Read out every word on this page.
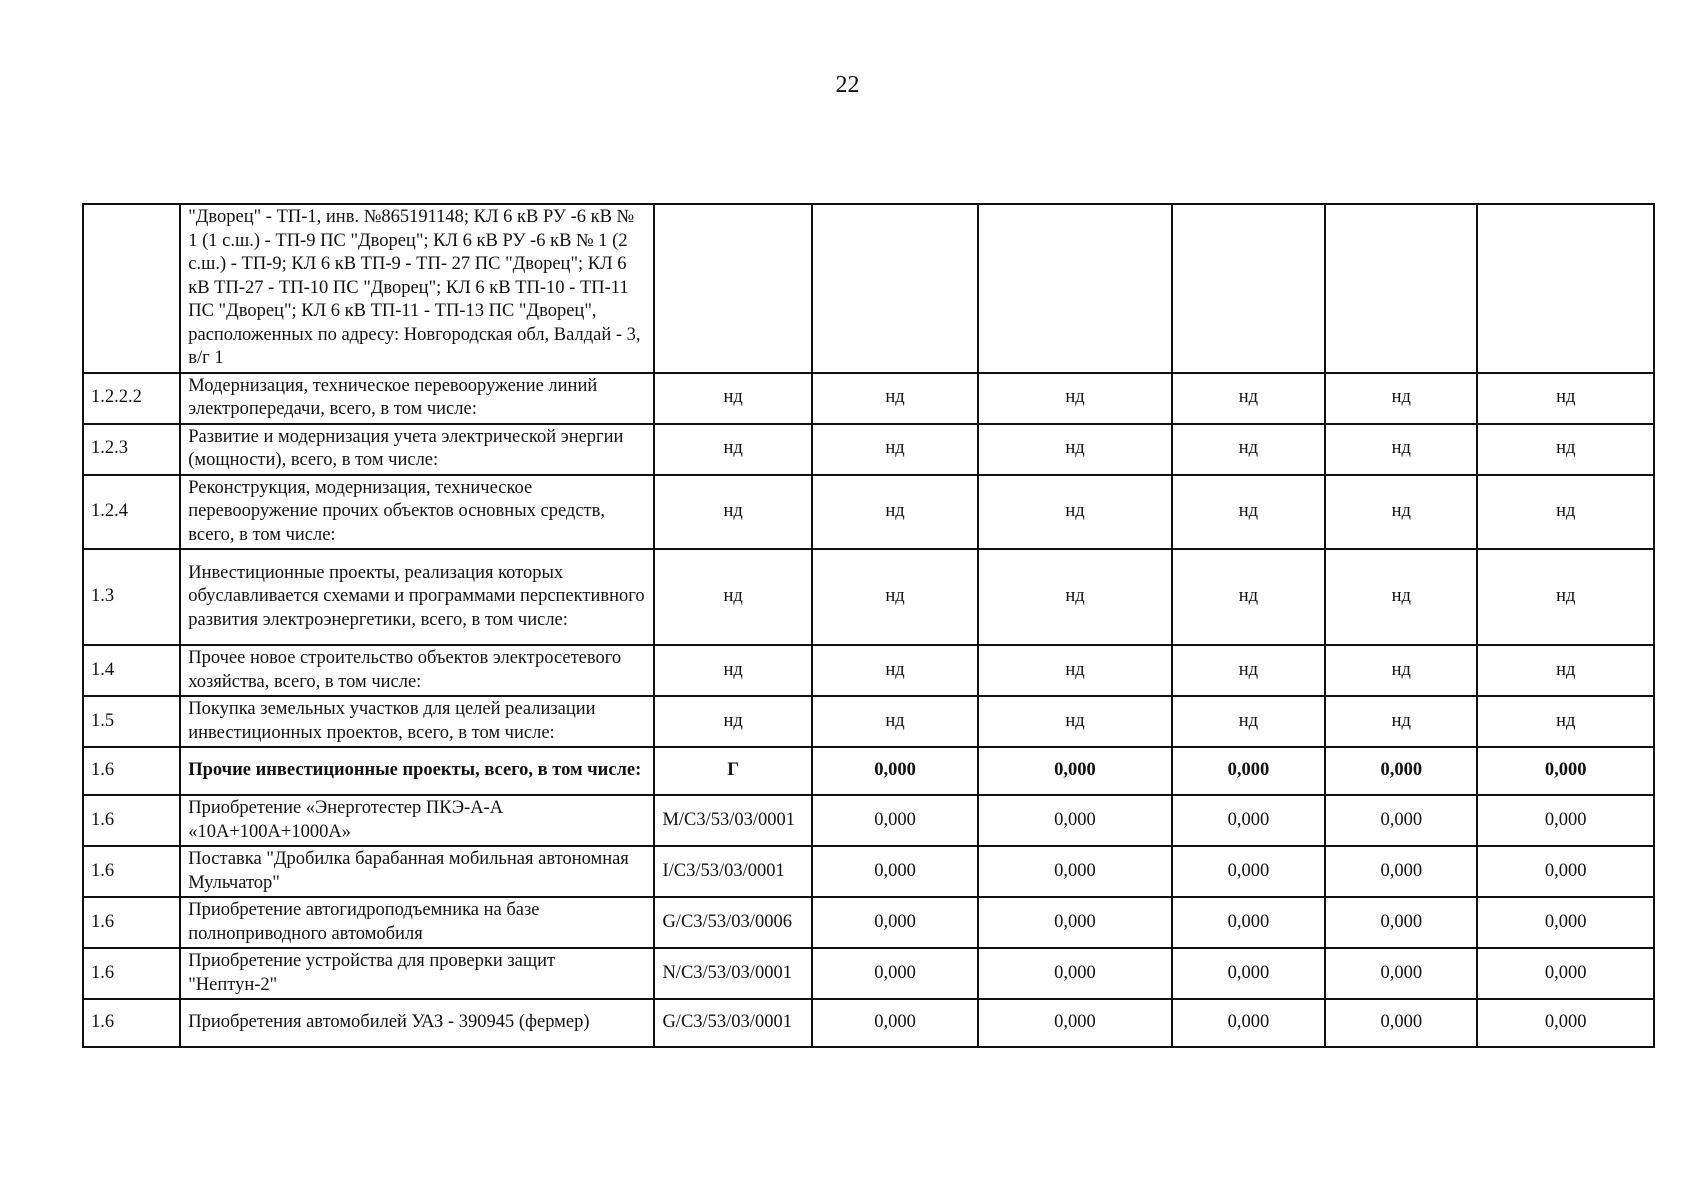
22
	"Дворец" - ТП-1, инв. №865191148; КЛ 6 кВ РУ -6 кВ № 1 (1 с.ш.) - ТП-9 ПС "Дворец"; КЛ 6 кВ РУ -6 кВ № 1 (2 с.ш.) - ТП-9; КЛ 6 кВ ТП-9 - ТП- 27 ПС "Дворец"; КЛ 6 кВ ТП-27 - ТП-10 ПС "Дворец"; КЛ 6 кВ ТП-10 - ТП-11 ПС "Дворец"; КЛ 6 кВ ТП-11 - ТП-13 ПС "Дворец", расположенных по адресу: Новгородская обл, Валдай - 3, в/г 1						
1.2.2.2	Модернизация, техническое перевооружение линий электропередачи, всего, в том числе:	нд	нд	нд	нд	нд	нд
1.2.3	Развитие и модернизация учета электрической энергии (мощности), всего, в том числе:	нд	нд	нд	нд	нд	нд
1.2.4	Реконструкция, модернизация, техническое перевооружение прочих объектов основных средств, всего, в том числе:	нд	нд	нд	нд	нд	нд
1.3	Инвестиционные проекты, реализация которых обуславливается схемами и программами перспективного развития электроэнергетики, всего, в том числе:	нд	нд	нд	нд	нд	нд
1.4	Прочее новое строительство объектов электросетевого хозяйства, всего, в том числе:	нд	нд	нд	нд	нд	нд
1.5	Покупка земельных участков для целей реализации инвестиционных проектов, всего, в том числе:	нд	нд	нд	нд	нд	нд
1.6	Прочие инвестиционные проекты, всего, в том числе:	Г	0,000	0,000	0,000	0,000	0,000
1.6	Приобретение «Энерготестер ПКЭ-А-А «10А+100А+1000А»	M/C3/53/03/0001	0,000	0,000	0,000	0,000	0,000
1.6	Поставка "Дробилка барабанная мобильная автономная Мульчатор"	I/C3/53/03/0001	0,000	0,000	0,000	0,000	0,000
1.6	Приобретение автогидроподъемника на базе полноприводного автомобиля	G/C3/53/03/0006	0,000	0,000	0,000	0,000	0,000
1.6	Приобретение устройства для проверки защит "Нептун-2"	N/C3/53/03/0001	0,000	0,000	0,000	0,000	0,000
1.6	Приобретения автомобилей УАЗ - 390945 (фермер)	G/C3/53/03/0001	0,000	0,000	0,000	0,000	0,000
